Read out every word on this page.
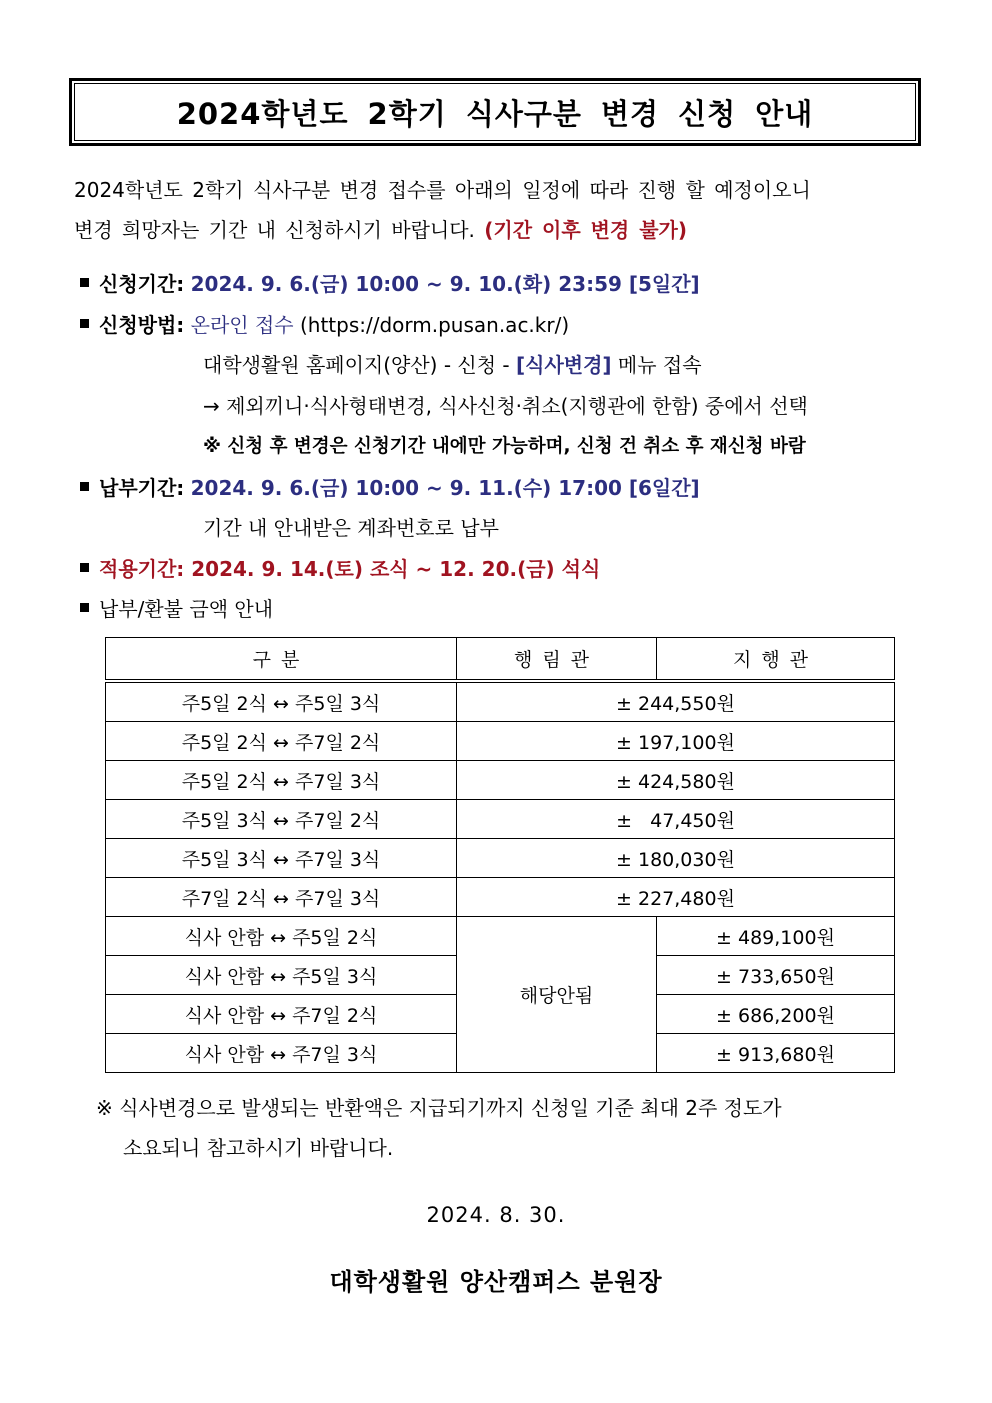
2024학년도 2학기 식사구분 변경 신청 안내
2024학년도 2학기 식사구분 변경 접수를 아래의 일정에 따라 진행 할 예정이오니
변경 희망자는 기간 내 신청하시기 바랍니다. (기간 이후 변경 불가)
신청기간: 2024. 9. 6.(금) 10:00 ~ 9. 10.(화) 23:59 [5일간]
신청방법: 온라인 접수 (https://dorm.pusan.ac.kr/)
대학생활원 홈페이지(양산) - 신청 - [식사변경] 메뉴 접속
→ 제외끼니·식사형태변경, 식사신청·취소(지행관에 한함) 중에서 선택
※ 신청 후 변경은 신청기간 내에만 가능하며, 신청 건 취소 후 재신청 바람
납부기간: 2024. 9. 6.(금) 10:00 ~ 9. 11.(수) 17:00 [6일간]
기간 내 안내받은 계좌번호로 납부
적용기간: 2024. 9. 14.(토) 조식 ~ 12. 20.(금) 석식
납부/환불 금액 안내
구분	행림관	지행관
주5일 2식 ↔ 주5일 3식	± 244,550원	
주5일 2식 ↔ 주7일 2식	± 197,100원	
주5일 2식 ↔ 주7일 3식	± 424,580원	
주5일 3식 ↔ 주7일 2식	±   47,450원	
주5일 3식 ↔ 주7일 3식	± 180,030원	
주7일 2식 ↔ 주7일 3식	± 227,480원	
식사 안함 ↔ 주5일 2식	해당안됨	± 489,100원
식사 안함 ↔ 주5일 3식		± 733,650원
식사 안함 ↔ 주7일 2식		± 686,200원
식사 안함 ↔ 주7일 3식		± 913,680원
※ 식사변경으로 발생되는 반환액은 지급되기까지 신청일 기준 최대 2주 정도가
소요되니 참고하시기 바랍니다.
2024. 8. 30.
대학생활원 양산캠퍼스 분원장
